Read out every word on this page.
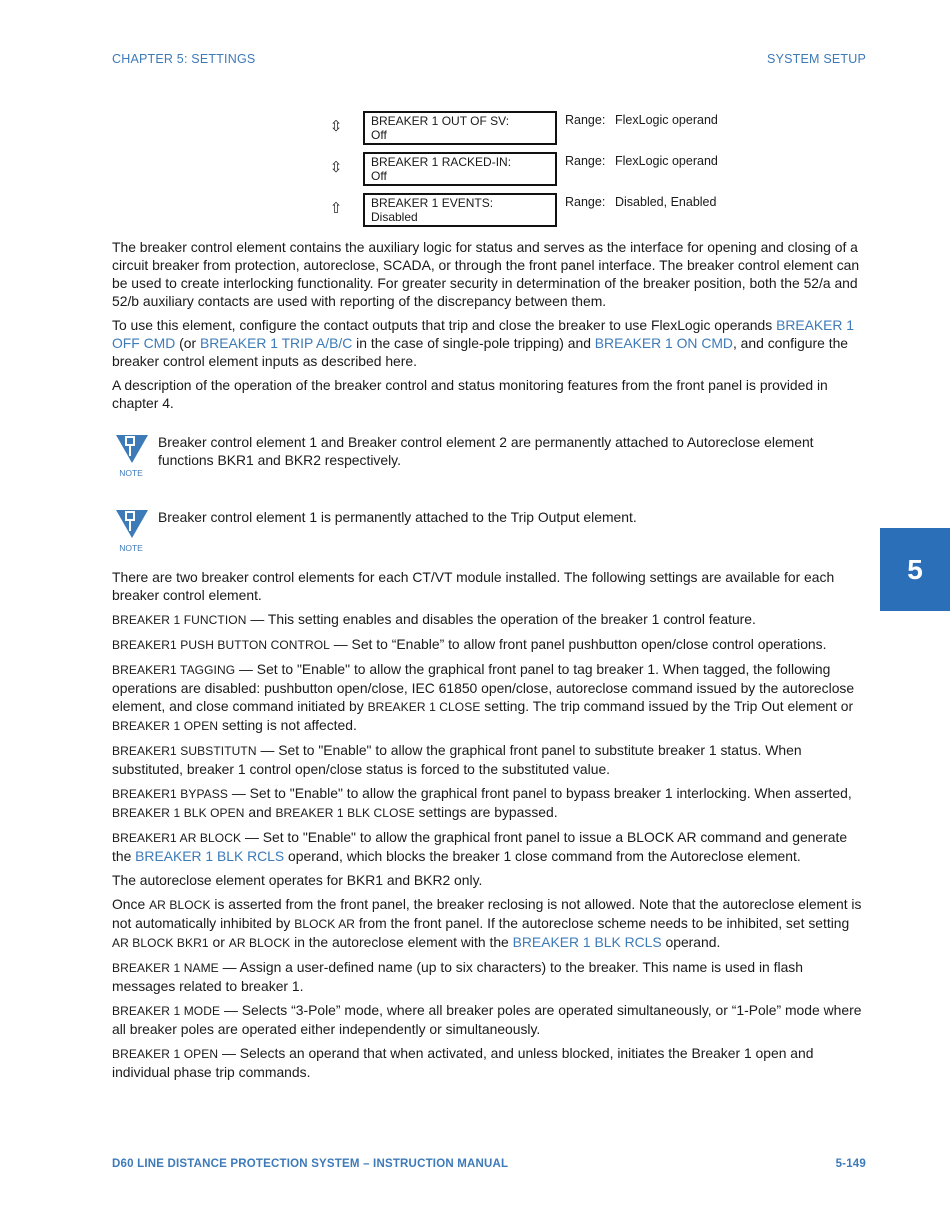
CHAPTER 5: SETTINGS	SYSTEM SETUP
⇳	BREAKER 1 OUT OF SV:
Off
Range: FlexLogic operand
⇳	BREAKER 1 RACKED-IN:
Off
Range: FlexLogic operand
⇧	BREAKER 1 EVENTS:
Disabled
Range: Disabled, Enabled

The breaker control element contains the auxiliary logic for status and serves as the interface for opening and closing of a circuit breaker from protection, autoreclose, SCADA, or through the front panel interface. The breaker control element can be used to create interlocking functionality. For greater security in determination of the breaker position, both the 52/a and 52/b auxiliary contacts are used with reporting of the discrepancy between them.

To use this element, configure the contact outputs that trip and close the breaker to use FlexLogic operands BREAKER 1 OFF CMD (or BREAKER 1 TRIP A/B/C in the case of single-pole tripping) and BREAKER 1 ON CMD, and configure the breaker control element inputs as described here.

A description of the operation of the breaker control and status monitoring features from the front panel is provided in chapter 4.

NOTE
Breaker control element 1 and Breaker control element 2 are permanently attached to Autoreclose element functions BKR1 and BKR2 respectively.
NOTE
Breaker control element 1 is permanently attached to the Trip Output element.
5

There are two breaker control elements for each CT/VT module installed. The following settings are available for each breaker control element.

BREAKER 1 FUNCTION — This setting enables and disables the operation of the breaker 1 control feature.

BREAKER1 PUSH BUTTON CONTROL — Set to “Enable” to allow front panel pushbutton open/close control operations.

BREAKER1 TAGGING — Set to "Enable" to allow the graphical front panel to tag breaker 1. When tagged, the following operations are disabled: pushbutton open/close, IEC 61850 open/close, autoreclose command issued by the autoreclose element, and close command initiated by BREAKER 1 CLOSE setting. The trip command issued by the Trip Out element or BREAKER 1 OPEN setting is not affected.

BREAKER1 SUBSTITUTN — Set to "Enable" to allow the graphical front panel to substitute breaker 1 status. When substituted, breaker 1 control open/close status is forced to the substituted value.

BREAKER1 BYPASS — Set to "Enable" to allow the graphical front panel to bypass breaker 1 interlocking. When asserted, BREAKER 1 BLK OPEN and BREAKER 1 BLK CLOSE settings are bypassed.

BREAKER1 AR BLOCK — Set to "Enable" to allow the graphical front panel to issue a BLOCK AR command and generate the BREAKER 1 BLK RCLS operand, which blocks the breaker 1 close command from the Autoreclose element.

The autoreclose element operates for BKR1 and BKR2 only.

Once AR BLOCK is asserted from the front panel, the breaker reclosing is not allowed. Note that the autoreclose element is not automatically inhibited by BLOCK AR from the front panel. If the autoreclose scheme needs to be inhibited, set setting AR BLOCK BKR1 or AR BLOCK in the autoreclose element with the BREAKER 1 BLK RCLS operand.

BREAKER 1 NAME — Assign a user-defined name (up to six characters) to the breaker. This name is used in flash messages related to breaker 1.

BREAKER 1 MODE — Selects “3-Pole” mode, where all breaker poles are operated simultaneously, or “1-Pole” mode where all breaker poles are operated either independently or simultaneously.

BREAKER 1 OPEN — Selects an operand that when activated, and unless blocked, initiates the Breaker 1 open and individual phase trip commands.

D60 LINE DISTANCE PROTECTION SYSTEM – INSTRUCTION MANUAL	5-149
